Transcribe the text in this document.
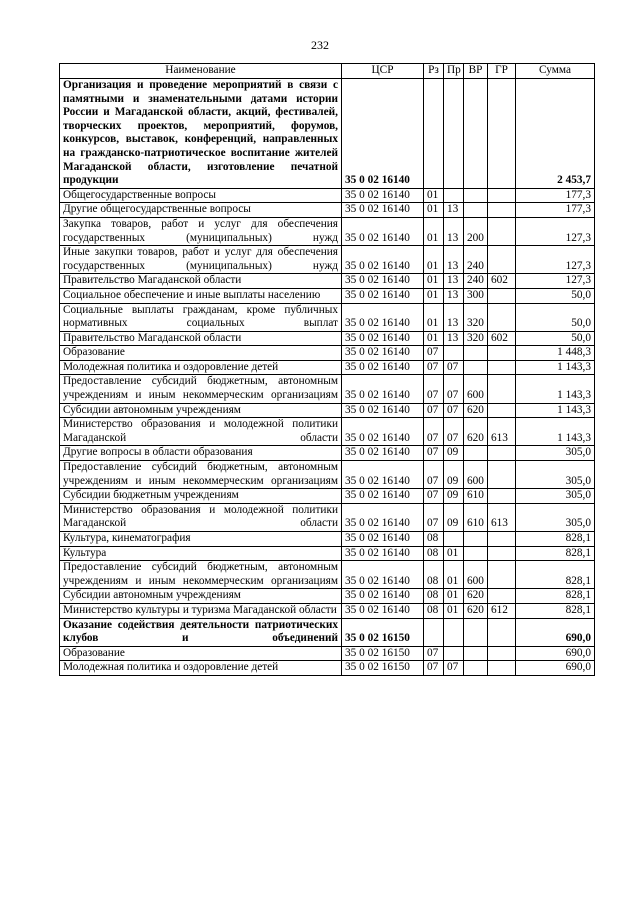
232
Наименование	ЦСР	Рз	Пр	ВР	ГР	Сумма
Организация и проведение мероприятий в связи с памятными и знаменательными датами истории России и Магаданской области, акций, фестивалей, творческих проектов, мероприятий, форумов, конкурсов, выставок, конференций, направленных на гражданско-патриотическое воспитание жителей Магаданской области, изготовление печатной продукции	35 0 02 16140					2 453,7
Общегосударственные вопросы	35 0 02 16140	01				177,3
Другие общегосударственные вопросы	35 0 02 16140	01	13			177,3
Закупка товаров, работ и услуг для обеспечения государственных (муниципальных) нужд	35 0 02 16140	01	13	200		127,3
Иные закупки товаров, работ и услуг для обеспечения государственных (муниципальных) нужд	35 0 02 16140	01	13	240		127,3
Правительство Магаданской области	35 0 02 16140	01	13	240	602	127,3
Социальное обеспечение и иные выплаты населению	35 0 02 16140	01	13	300		50,0
Социальные выплаты гражданам, кроме публичных нормативных социальных выплат	35 0 02 16140	01	13	320		50,0
Правительство Магаданской области	35 0 02 16140	01	13	320	602	50,0
Образование	35 0 02 16140	07				1 448,3
Молодежная политика и оздоровление детей	35 0 02 16140	07	07			1 143,3
Предоставление субсидий бюджетным, автономным учреждениям и иным некоммерческим организациям	35 0 02 16140	07	07	600		1 143,3
Субсидии автономным учреждениям	35 0 02 16140	07	07	620		1 143,3
Министерство образования и молодежной политики Магаданской области	35 0 02 16140	07	07	620	613	1 143,3
Другие вопросы в области образования	35 0 02 16140	07	09			305,0
Предоставление субсидий бюджетным, автономным учреждениям и иным некоммерческим организациям	35 0 02 16140	07	09	600		305,0
Субсидии бюджетным учреждениям	35 0 02 16140	07	09	610		305,0
Министерство образования и молодежной политики Магаданской области	35 0 02 16140	07	09	610	613	305,0
Культура, кинематография	35 0 02 16140	08				828,1
Культура	35 0 02 16140	08	01			828,1
Предоставление субсидий бюджетным, автономным учреждениям и иным некоммерческим организациям	35 0 02 16140	08	01	600		828,1
Субсидии автономным учреждениям	35 0 02 16140	08	01	620		828,1
Министерство культуры и туризма Магаданской области	35 0 02 16140	08	01	620	612	828,1
Оказание содействия деятельности патриотических клубов и объединений	35 0 02 16150					690,0
Образование	35 0 02 16150	07				690,0
Молодежная политика и оздоровление детей	35 0 02 16150	07	07			690,0
